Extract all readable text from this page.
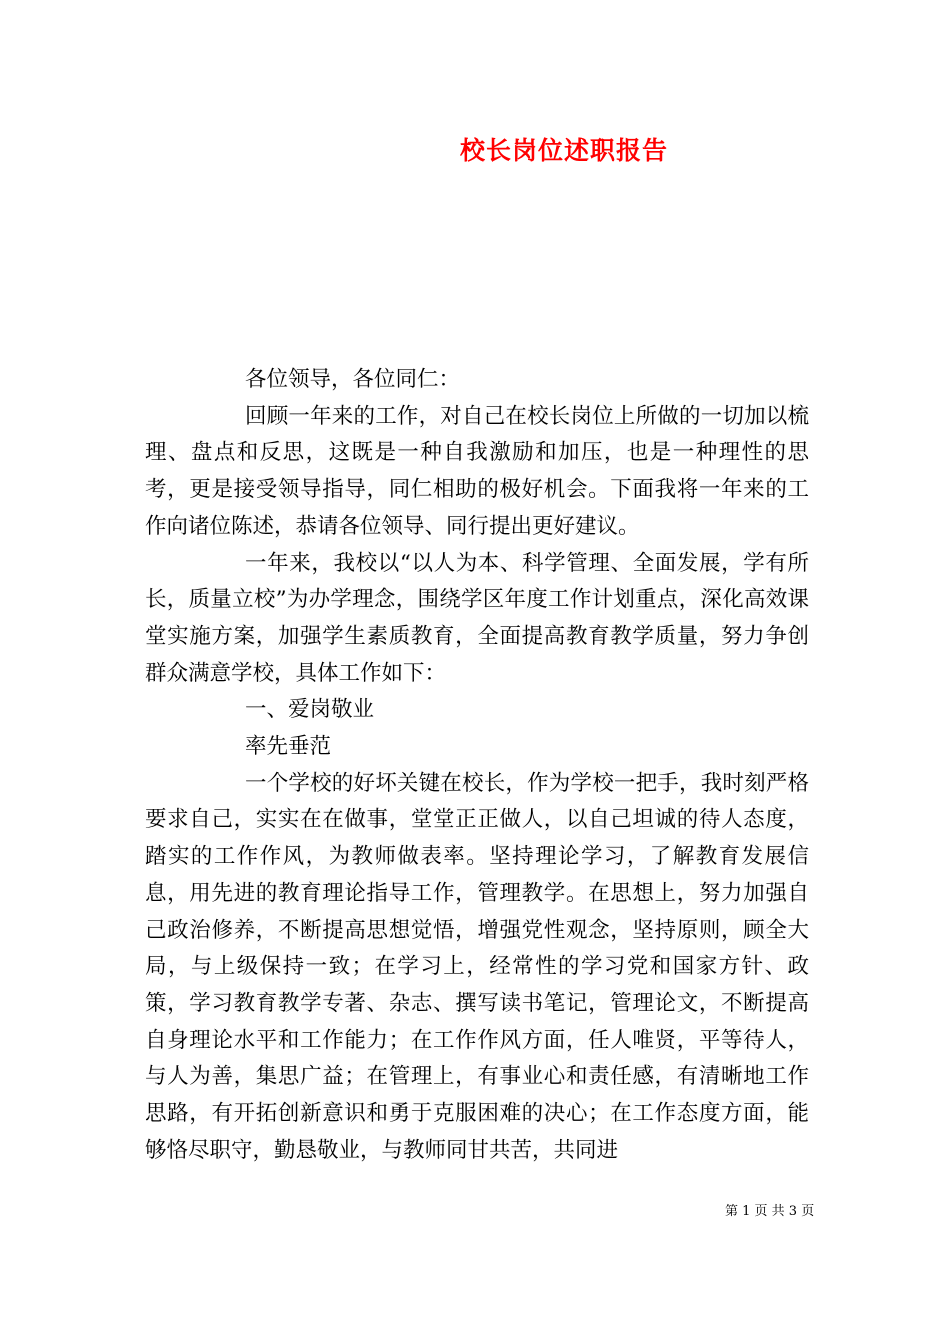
校长岗位述职报告

各位领导，各位同仁：

回顾一年来的工作，对自己在校长岗位上所做的一切加以梳理、盘点和反思，这既是一种自我激励和加压，也是一种理性的思考，更是接受领导指导，同仁相助的极好机会。下面我将一年来的工作向诸位陈述，恭请各位领导、同行提出更好建议。

一年来，我校以“以人为本、科学管理、全面发展，学有所长，质量立校”为办学理念，围绕学区年度工作计划重点，深化高效课堂实施方案，加强学生素质教育，全面提高教育教学质量，努力争创群众满意学校，具体工作如下：

一、爱岗敬业

率先垂范

一个学校的好坏关键在校长，作为学校一把手，我时刻严格要求自己，实实在在做事，堂堂正正做人，以自己坦诚的待人态度，踏实的工作作风，为教师做表率。坚持理论学习，了解教育发展信息，用先进的教育理论指导工作，管理教学。在思想上，努力加强自己政治修养，不断提高思想觉悟，增强党性观念，坚持原则，顾全大局，与上级保持一致；在学习上，经常性的学习党和国家方针、政策，学习教育教学专著、杂志、撰写读书笔记，管理论文，不断提高自身理论水平和工作能力；在工作作风方面，任人唯贤，平等待人，与人为善，集思广益；在管理上，有事业心和责任感，有清晰地工作思路，有开拓创新意识和勇于克服困难的决心；在工作态度方面，能够恪尽职守，勤恳敬业，与教师同甘共苦，共同进

第 1 页 共 3 页
